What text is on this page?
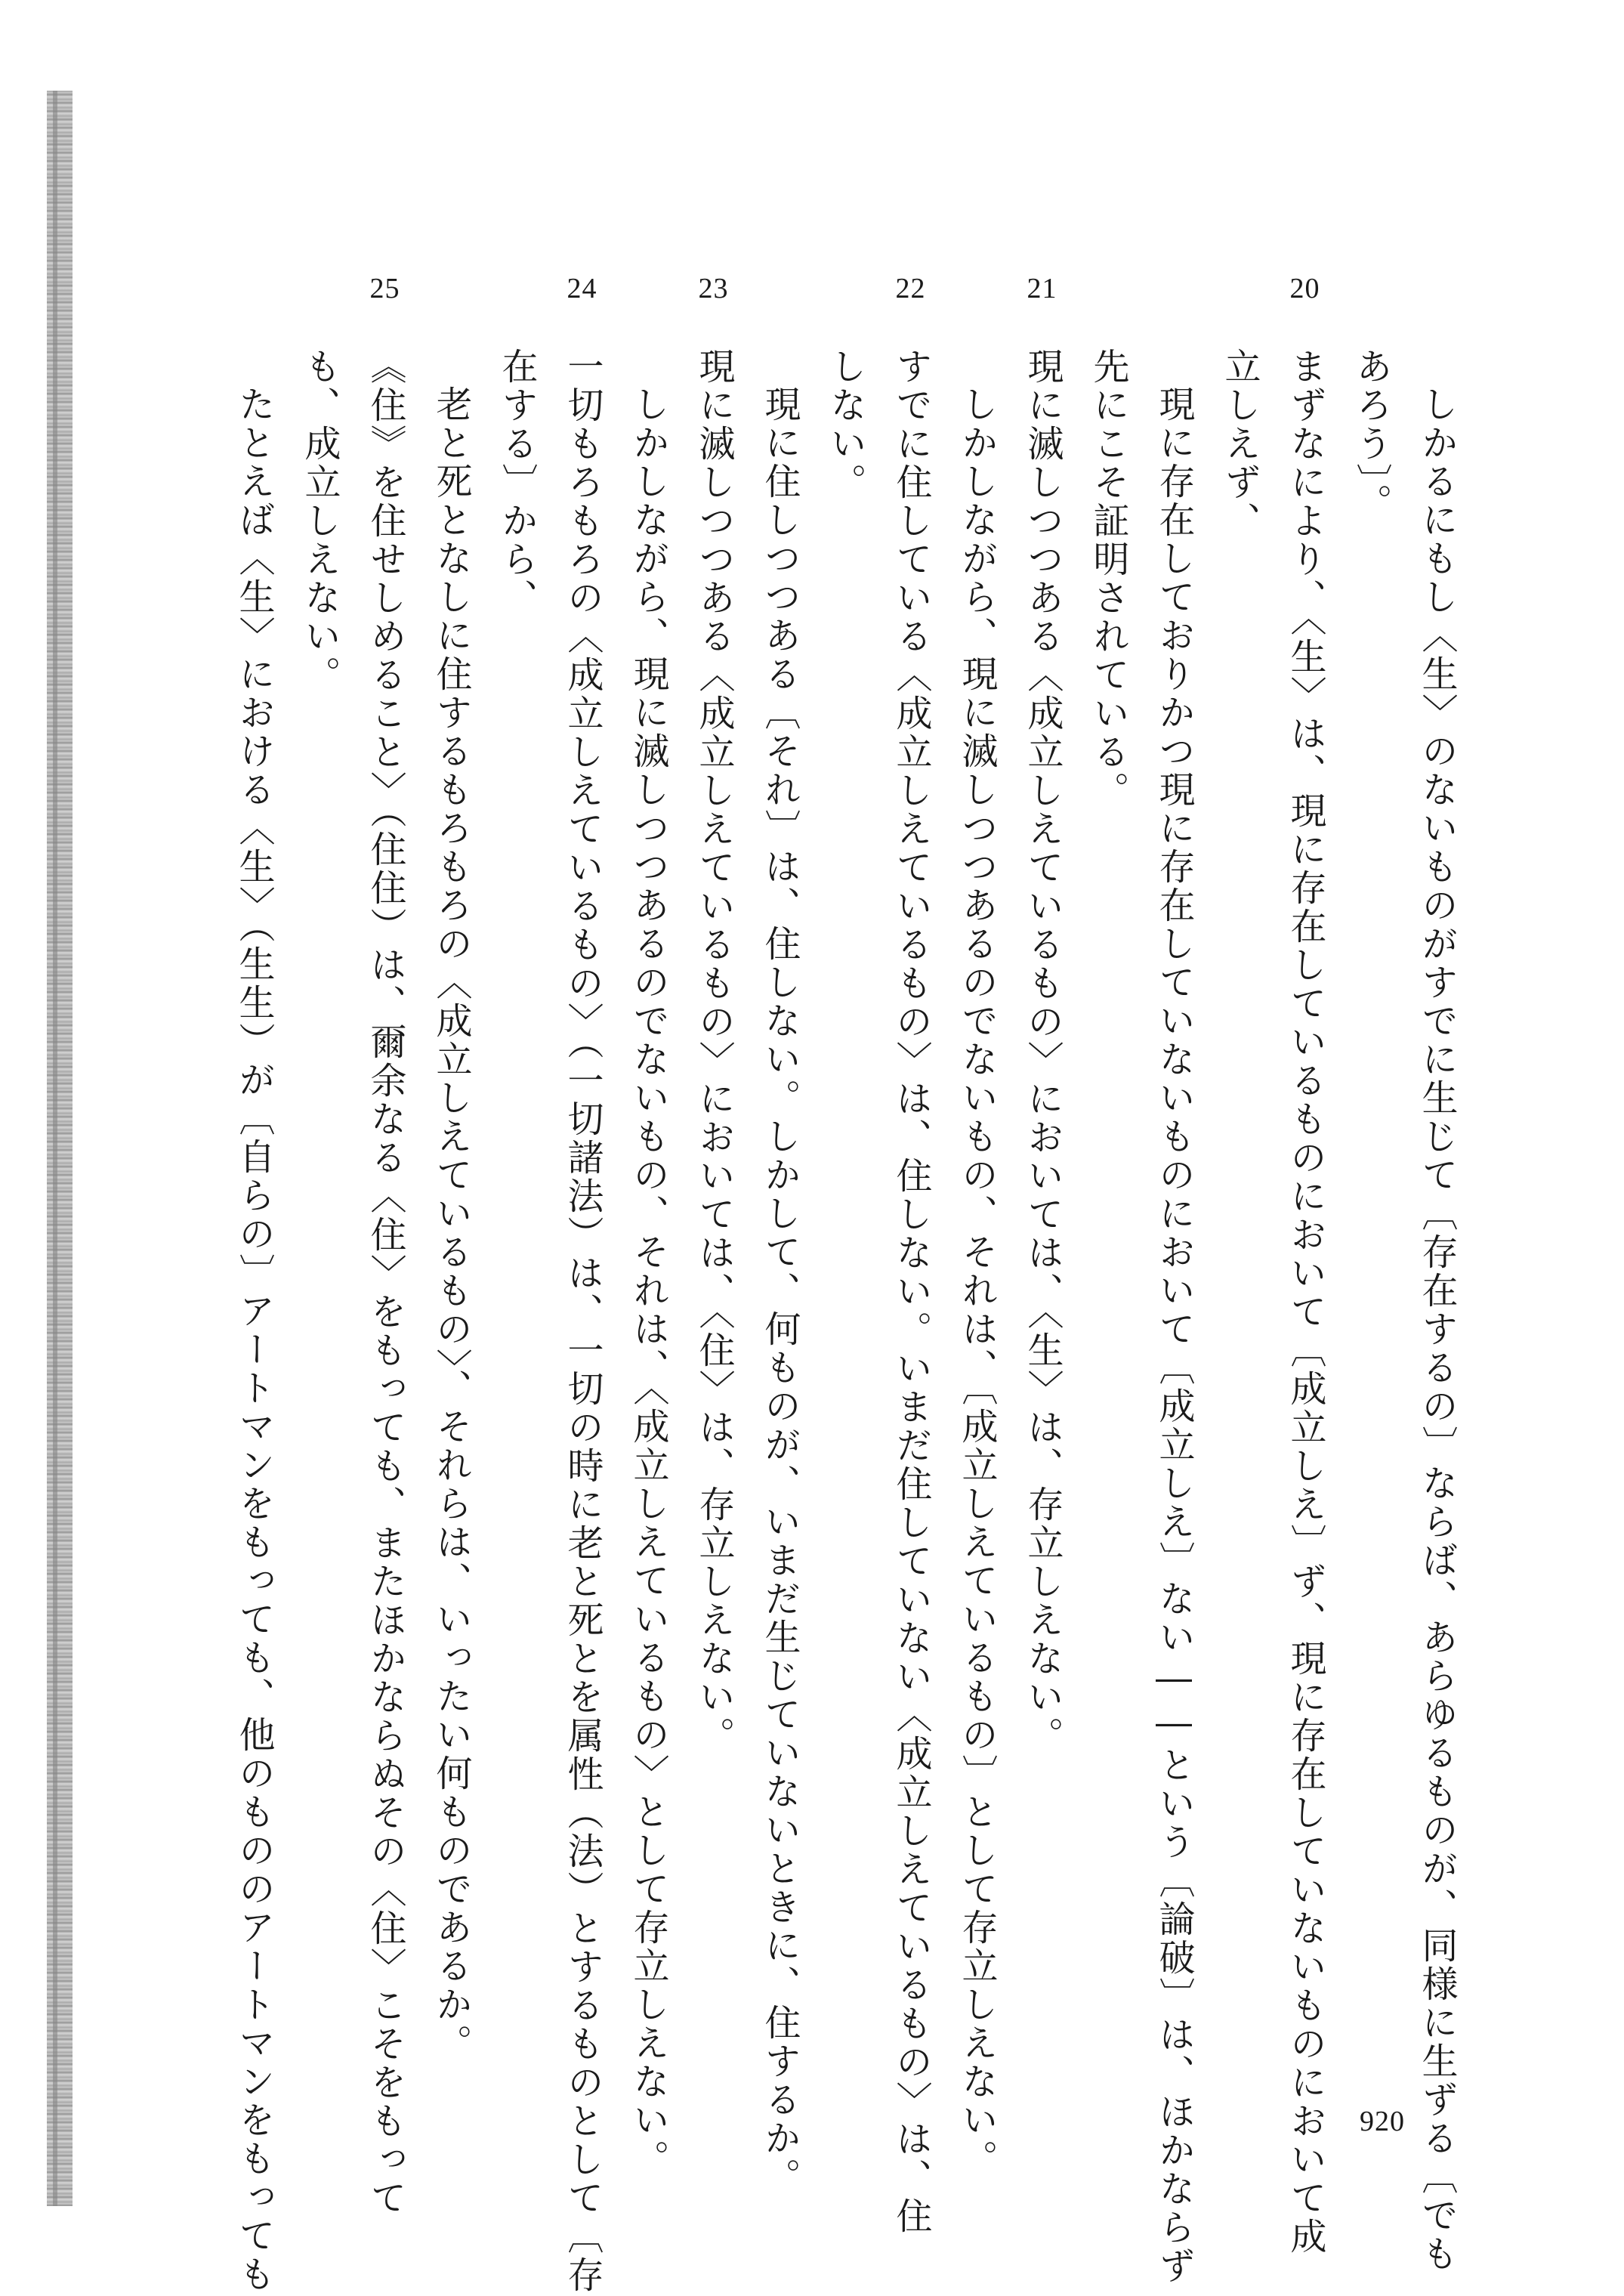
しかるにもし〈生〉のないものがすでに生じて〔存在するの〕ならば、あらゆるものが、同様に生ずる〔でも
あろう〕。
20
まずなにより、〈生〉は、現に存在しているものにおいて〔成立しえ〕ず、現に存在していないものにおいて成
立しえず、
現に存在しておりかつ現に存在していないものにおいて〔成立しえ〕ない――という〔論破〕は、ほかならず
先にこそ証明されている。
21
現に滅しつつある〈成立しえているもの〉においては、〈生〉は、存立しえない。
しかしながら、現に滅しつつあるのでないもの、それは、〔成立しえているもの〕として存立しえない。
22
すでに住している〈成立しえているもの〉は、住しない。いまだ住していない〈成立しえているもの〉は、住
しない。
現に住しつつある〔それ〕は、住しない。しかして、何ものが、いまだ生じていないときに、住するか。
23
現に滅しつつある〈成立しえているもの〉においては、〈住〉は、存立しえない。
しかしながら、現に滅しつつあるのでないもの、それは、〈成立しえているもの〉として存立しえない。
24
一切もろもろの〈成立しえているもの〉（一切諸法）は、一切の時に老と死とを属性（法）とするものとして〔存
在する〕から、
老と死となしに住するもろもろの〈成立しえているもの〉、それらは、いったい何ものであるか。
25
《住》を住せしめること〉（住住）は、爾余なる〈住〉をもっても、またほかならぬその〈住〉こそをもって
も、成立しえない。
たとえば〈生〉における〈生〉（生生）が〔自らの〕アートマンをもっても、他のもののアートマンをもっても	920
